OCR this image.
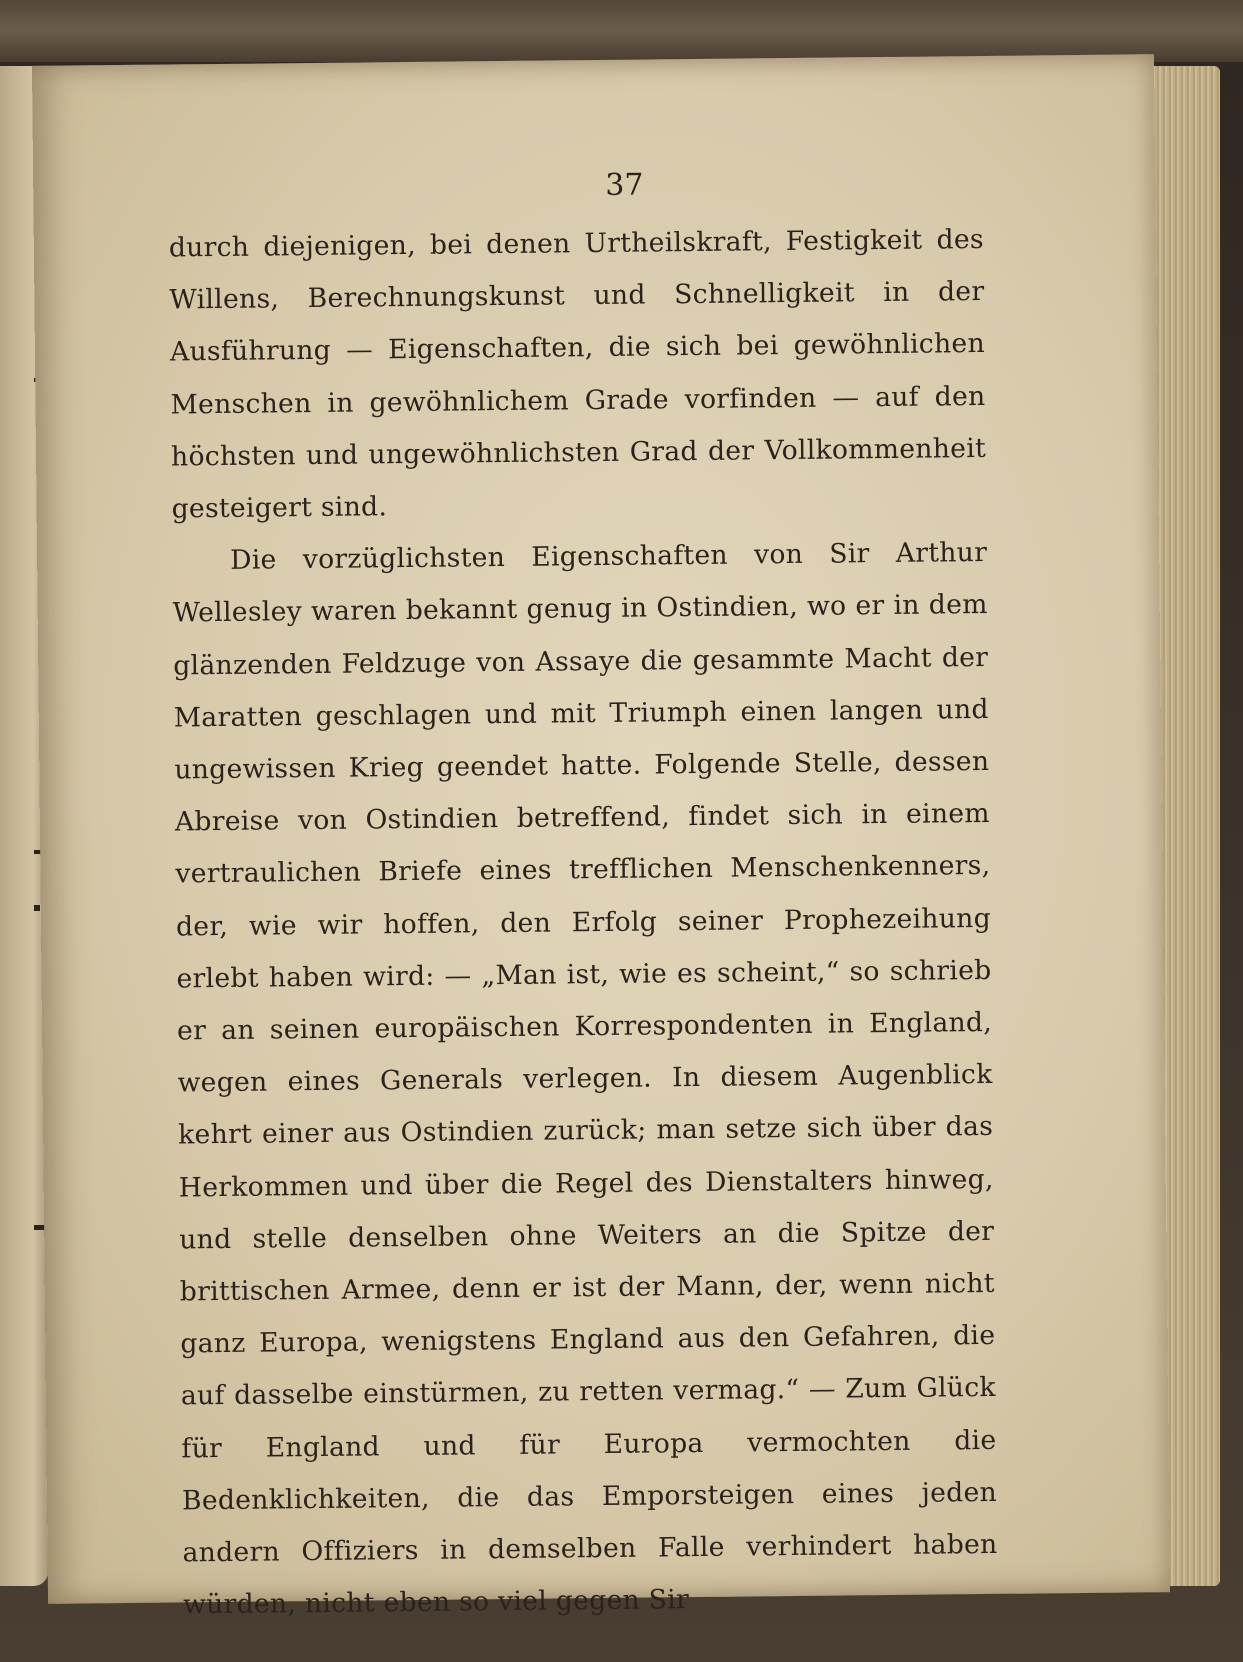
37

durch diejenigen, bei denen Urtheilskraft, Festigkeit des Willens, Berechnungskunst und Schnelligkeit in der Ausführung — Eigenschaften, die sich bei gewöhnlichen Menschen in gewöhnlichem Grade vorfinden — auf den höchsten und ungewöhnlichsten Grad der Vollkommenheit gesteigert sind.

Die vorzüglichsten Eigenschaften von Sir Arthur Wellesley waren bekannt genug in Ostindien, wo er in dem glänzenden Feldzuge von Assaye die gesammte Macht der Maratten geschlagen und mit Triumph einen langen und ungewissen Krieg geendet hatte. Folgende Stelle, dessen Abreise von Ostindien betreffend, findet sich in einem vertraulichen Briefe eines trefflichen Menschenkenners, der, wie wir hoffen, den Erfolg seiner Prophezeihung erlebt haben wird: — „Man ist, wie es scheint,“ so schrieb er an seinen europäischen Korrespondenten in England, wegen eines Generals verlegen. In diesem Augenblick kehrt einer aus Ostindien zurück; man setze sich über das Herkommen und über die Regel des Dienstalters hinweg, und stelle denselben ohne Weiters an die Spitze der brittischen Armee, denn er ist der Mann, der, wenn nicht ganz Europa, wenigstens England aus den Gefahren, die auf dasselbe einstürmen, zu retten vermag.“ — Zum Glück für England und für Europa vermochten die Bedenklichkeiten, die das Emporsteigen eines jeden andern Offiziers in demselben Falle verhindert haben würden, nicht eben so viel gegen Sir
